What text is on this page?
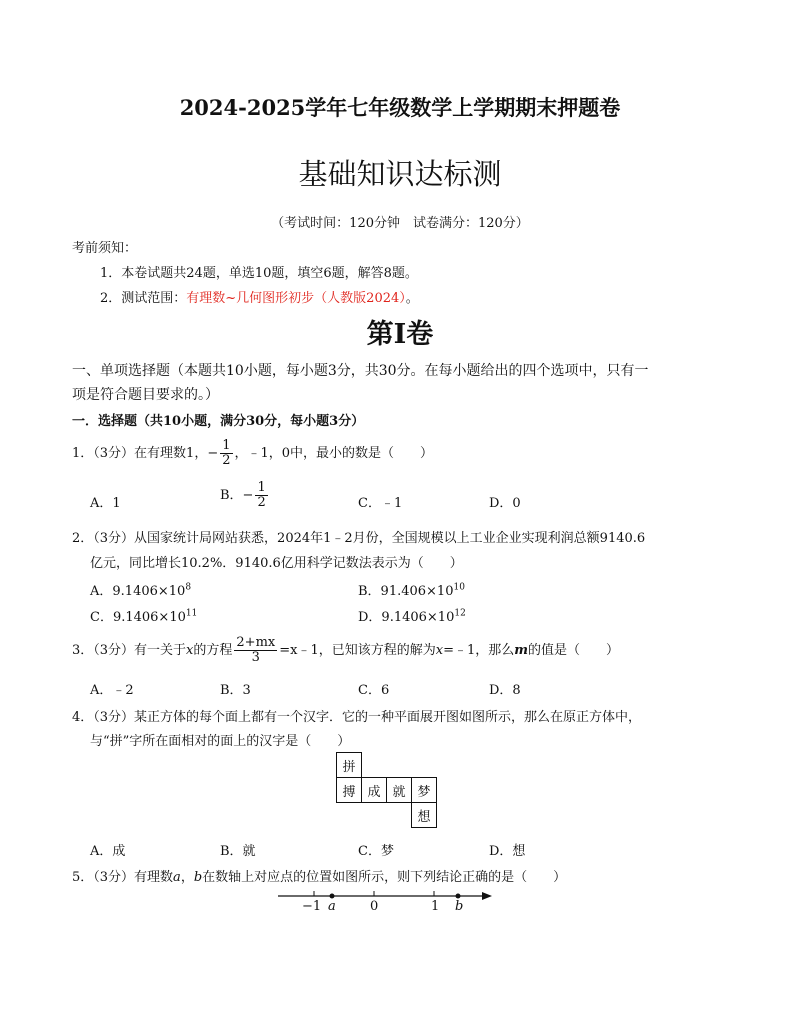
2024-2025学年七年级数学上学期期末押题卷
基础知识达标测
（考试时间：120分钟　试卷满分：120分）
考前须知：
1．本卷试题共24题，单选10题，填空6题，解答8题。
2．测试范围：有理数~几何图形初步（人教版2024）。
第Ⅰ卷
一、单项选择题（本题共10小题，每小题3分，共30分。在每小题给出的四个选项中，只有一
项是符合题目要求的。）
一．选择题（共10小题，满分30分，每小题3分）
1．（3分）在有理数1，− $\frac{1}{2}$ ，﹣1，0中，最小的数是（　　）
A．1
B．− $\frac{1}{2}$	C．﹣1	D．0
2．（3分）从国家统计局网站获悉，2024年1﹣2月份，全国规模以上工业企业实现利润总额9140.6
亿元，同比增长10.2%．9140.6亿用科学记数法表示为（　　）
A．$9.1406\times 10^8$	B．$91.406\times 10^{10}$
C．$9.1406\times 10^{11}$	D．$9.1406\times 10^{12}$
3．（3分）有一关于x的方程 $\frac{2+mx}{3}$ =x﹣1，已知该方程的解为x=﹣1，那么m的值是（　　）
A．﹣2	B．3	C．6	D．8
4．（3分）某正方体的每个面上都有一个汉字．它的一种平面展开图如图所示，那么在原正方体中，
与“拼”字所在面相对的面上的汉字是（　　）
拼			
搏	成	就	梦
			想
A．成	B．就	C．梦	D．想
5．（3分）有理数a，b在数轴上对应点的位置如图所示，则下列结论正确的是（　　）
−1 a	0	1 b
